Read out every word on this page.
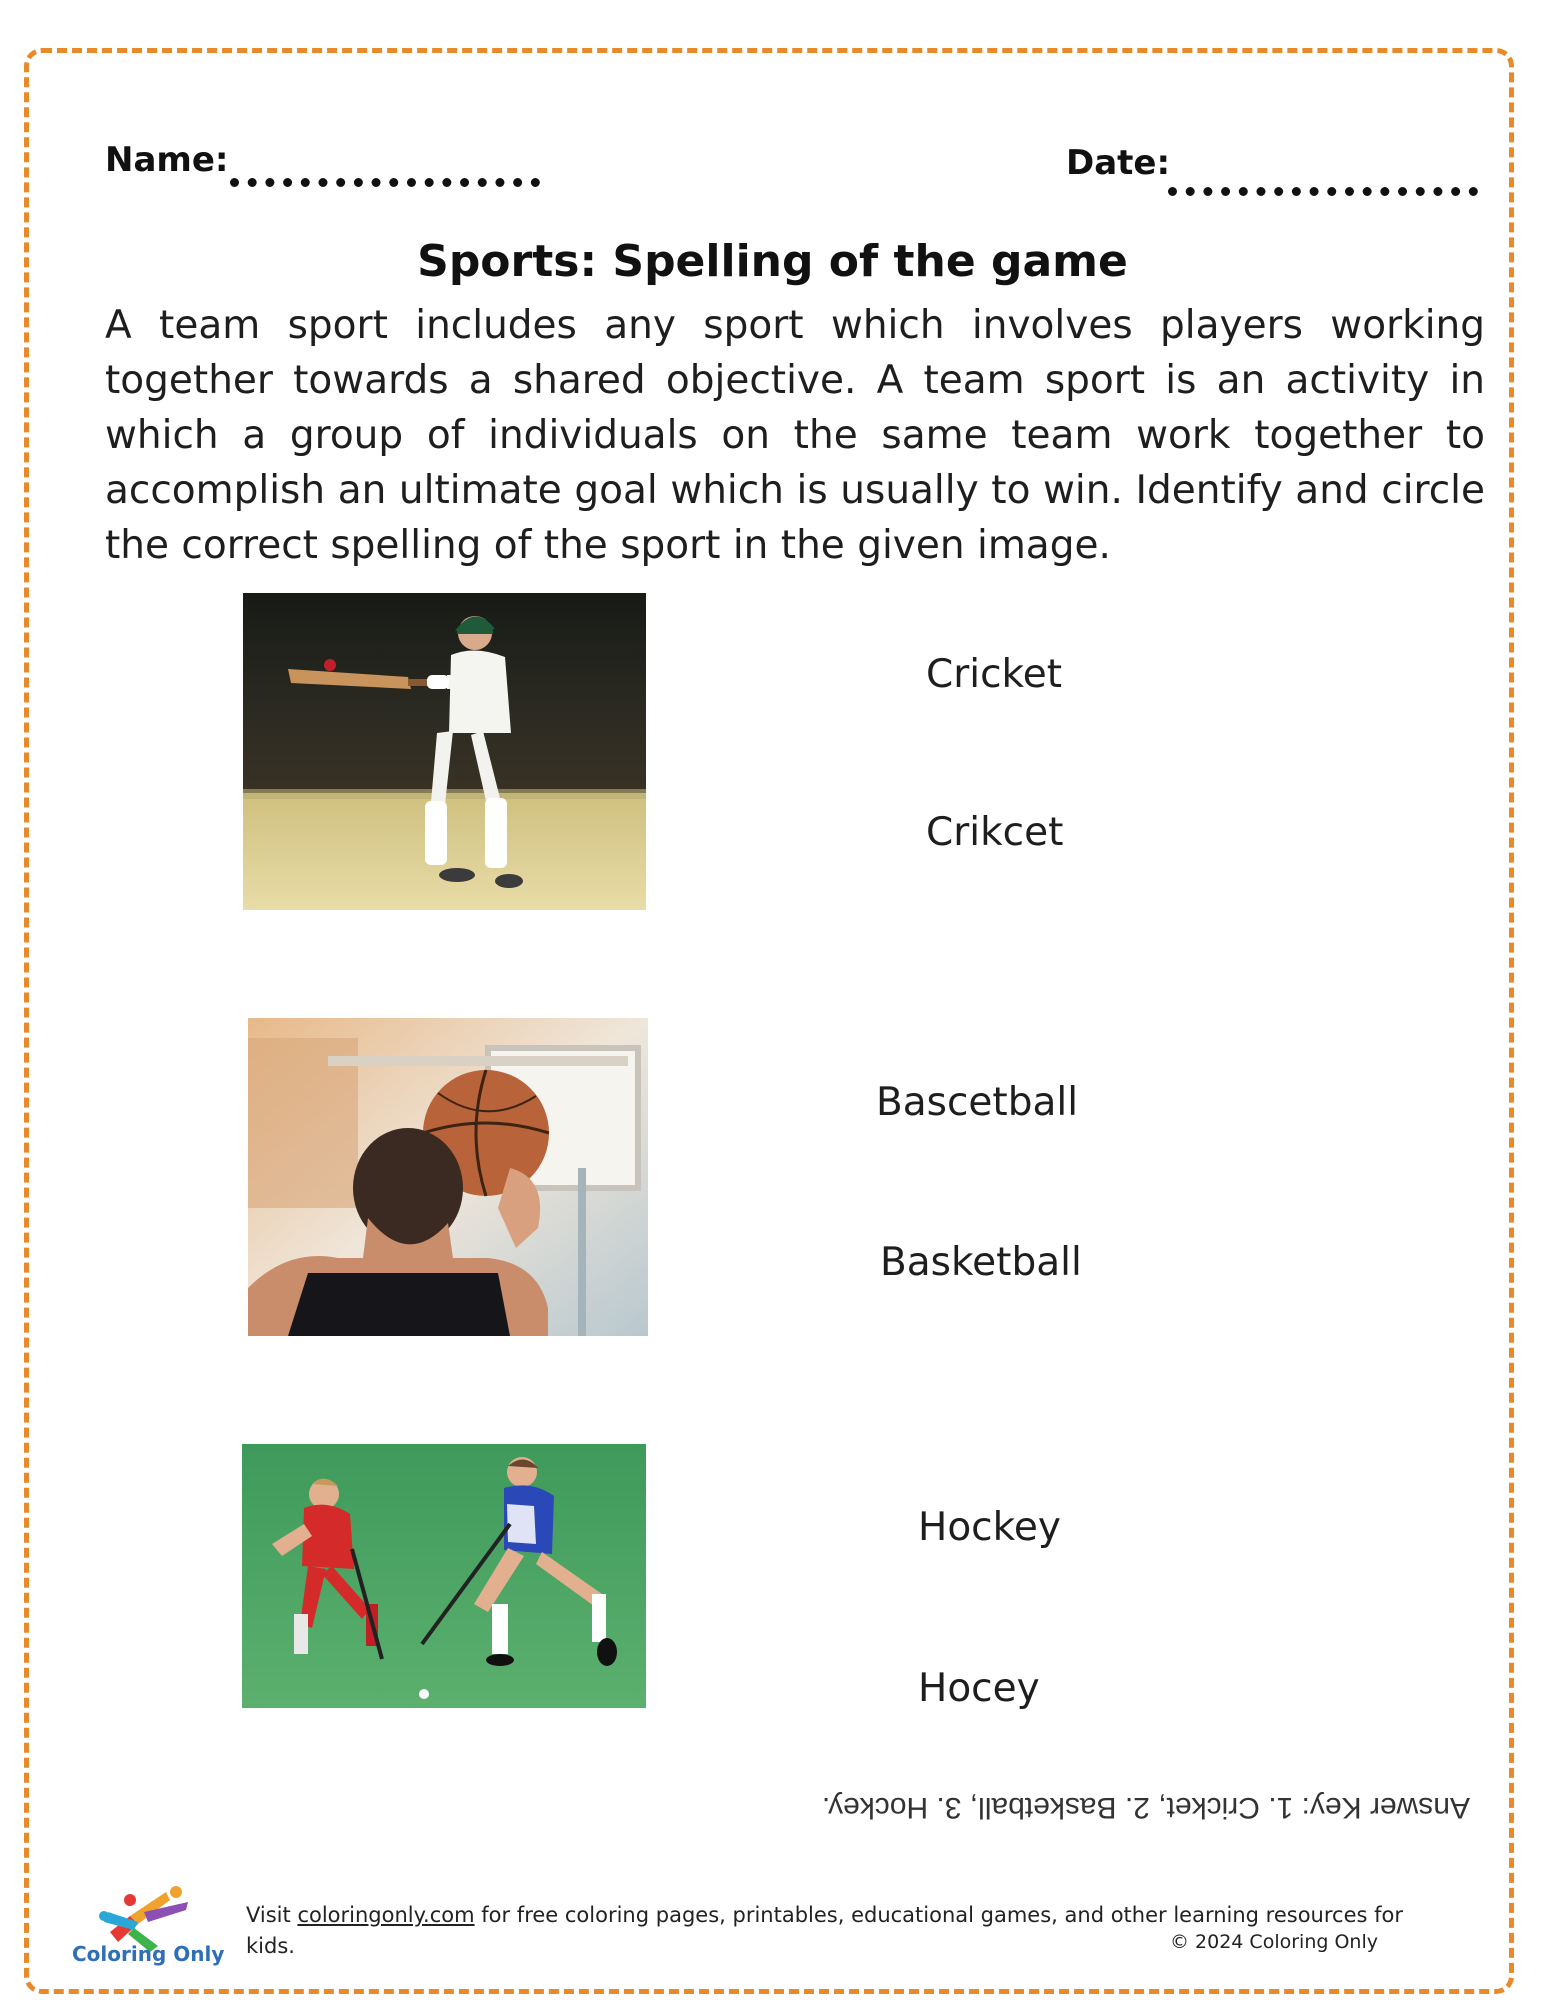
Name:	Date:
Sports: Spelling of the game

A team sport includes any sport which involves players working together towards a shared objective. A team sport is an activity in which a group of individuals on the same team work together to accomplish an ultimate goal which is usually to win. Identify and circle the correct spelling of the sport in the given image.

Cricket
Crikcet
Bascetball
Basketball
Hockey
Hocey
Answer Key: 1. Cricket, 2. Basketball, 3. Hockey.
Coloring Only
Visit coloringonly.com for free coloring pages, printables, educational games, and other learning resources for kids.	© 2024 Coloring Only
